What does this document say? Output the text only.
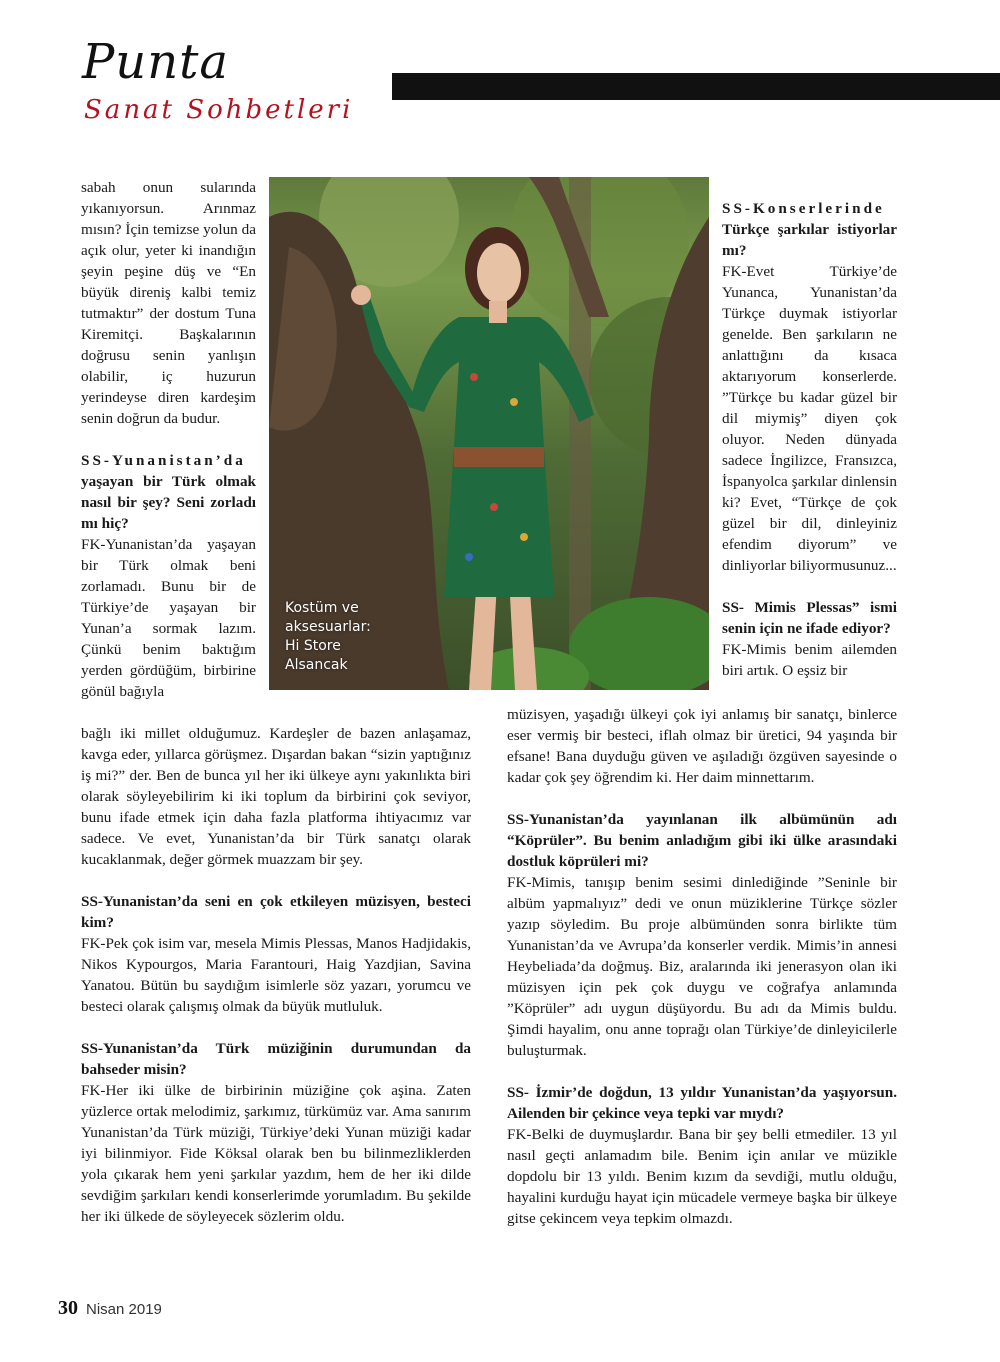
Punta
Sanat Sohbetleri

sabah onun sularında yıkanıyorsun. Arınmaz mısın? İçin temizse yolun da açık olur, yeter ki inandığın şeyin peşine düş ve “En büyük direniş kalbi temiz tutmaktır” der dostum Tuna Kiremitçi. Başkalarının doğrusu senin yanlışın olabilir, iç huzurun yerindeyse diren kardeşim senin doğrun da budur.

SS-Yunanistan’da

yaşayan bir Türk olmak nasıl bir şey? Seni zorladı mı hiç?

FK-Yunanistan’da yaşayan bir Türk olmak beni zorlamadı. Bunu bir de Türkiye’de yaşayan bir Yunan’a sormak lazım. Çünkü benim baktığım yerden gördüğüm, birbirine gönül bağıyla

Kostüm ve
aksesuarlar:
Hi Store
Alsancak

SS-Konserlerinde

Türkçe şarkılar istiyorlar mı?

FK-Evet Türkiye’de Yunanca, Yunanistan’da Türkçe duymak istiyorlar genelde. Ben şarkıların ne anlattığını da kısaca aktarıyorum konserlerde. ”Türkçe bu kadar güzel bir dil miymiş” diyen çok oluyor. Neden dünyada sadece İngilizce, Fransızca, İspanyolca şarkılar dinlensin ki? Evet, “Türkçe de çok güzel bir dil, dinleyiniz efendim diyorum” ve dinliyorlar biliyormusunuz...

SS- Mimis Plessas” ismi senin için ne ifade ediyor?

FK-Mimis benim ailemden biri artık. O eşsiz bir

bağlı iki millet olduğumuz. Kardeşler de bazen anlaşamaz, kavga eder, yıllarca görüşmez. Dışardan bakan “sizin yaptığınız iş mi?” der. Ben de bunca yıl her iki ülkeye aynı yakınlıkta biri olarak söyleyebilirim ki iki toplum da birbirini çok seviyor, bunu ifade etmek için daha fazla platforma ihtiyacımız var sadece. Ve evet, Yunanistan’da bir Türk sanatçı olarak kucaklanmak, değer görmek muazzam bir şey.

SS-Yunanistan’da seni en çok etkileyen müzisyen, besteci kim?

FK-Pek çok isim var, mesela Mimis Plessas, Manos Hadjidakis, Nikos Kypourgos, Maria Farantouri, Haig Yazdjian, Savina Yanatou. Bütün bu saydığım isimlerle söz yazarı, yorumcu ve besteci olarak çalışmış olmak da büyük mutluluk.

SS-Yunanistan’da Türk müziğinin durumundan da bahseder misin?

FK-Her iki ülke de birbirinin müziğine çok aşina. Zaten yüzlerce ortak melodimiz, şarkımız, türkümüz var. Ama sanırım Yunanistan’da Türk müziği, Türkiye’deki Yunan müziği kadar iyi bilinmiyor. Fide Köksal olarak ben bu bilinmezliklerden yola çıkarak hem yeni şarkılar yazdım, hem de her iki dilde sevdiğim şarkıları kendi konserlerimde yorumladım. Bu şekilde her iki ülkede de söyleyecek sözlerim oldu.

müzisyen, yaşadığı ülkeyi çok iyi anlamış bir sanatçı, binlerce eser vermiş bir besteci, iflah olmaz bir üretici, 94 yaşında bir efsane! Bana duyduğu güven ve aşıladığı özgüven sayesinde o kadar çok şey öğrendim ki. Her daim minnettarım.

SS-Yunanistan’da yayınlanan ilk albümünün adı “Köprüler”. Bu benim anladığım gibi iki ülke arasındaki dostluk köprüleri mi?

FK-Mimis, tanışıp benim sesimi dinlediğinde ”Seninle bir albüm yapmalıyız” dedi ve onun müziklerine Türkçe sözler yazıp söyledim. Bu proje albümünden sonra birlikte tüm Yunanistan’da ve Avrupa’da konserler verdik. Mimis’in annesi Heybeliada’da doğmuş. Biz, aralarında iki jenerasyon olan iki müzisyen için pek çok duygu ve coğrafya anlamında ”Köprüler” adı uygun düşüyordu. Bu adı da Mimis buldu. Şimdi hayalim, onu anne toprağı olan Türkiye’de dinleyicilerle buluşturmak.

SS- İzmir’de doğdun, 13 yıldır Yunanistan’da yaşıyorsun. Ailenden bir çekince veya tepki var mıydı?

FK-Belki de duymuşlardır. Bana bir şey belli etmediler. 13 yıl nasıl geçti anlamadım bile. Benim için anılar ve müzikle dopdolu bir 13 yıldı. Benim kızım da sevdiği, mutlu olduğu, hayalini kurduğu hayat için mücadele vermeye başka bir ülkeye gitse çekincem veya tepkim olmazdı.

30 Nisan 2019
